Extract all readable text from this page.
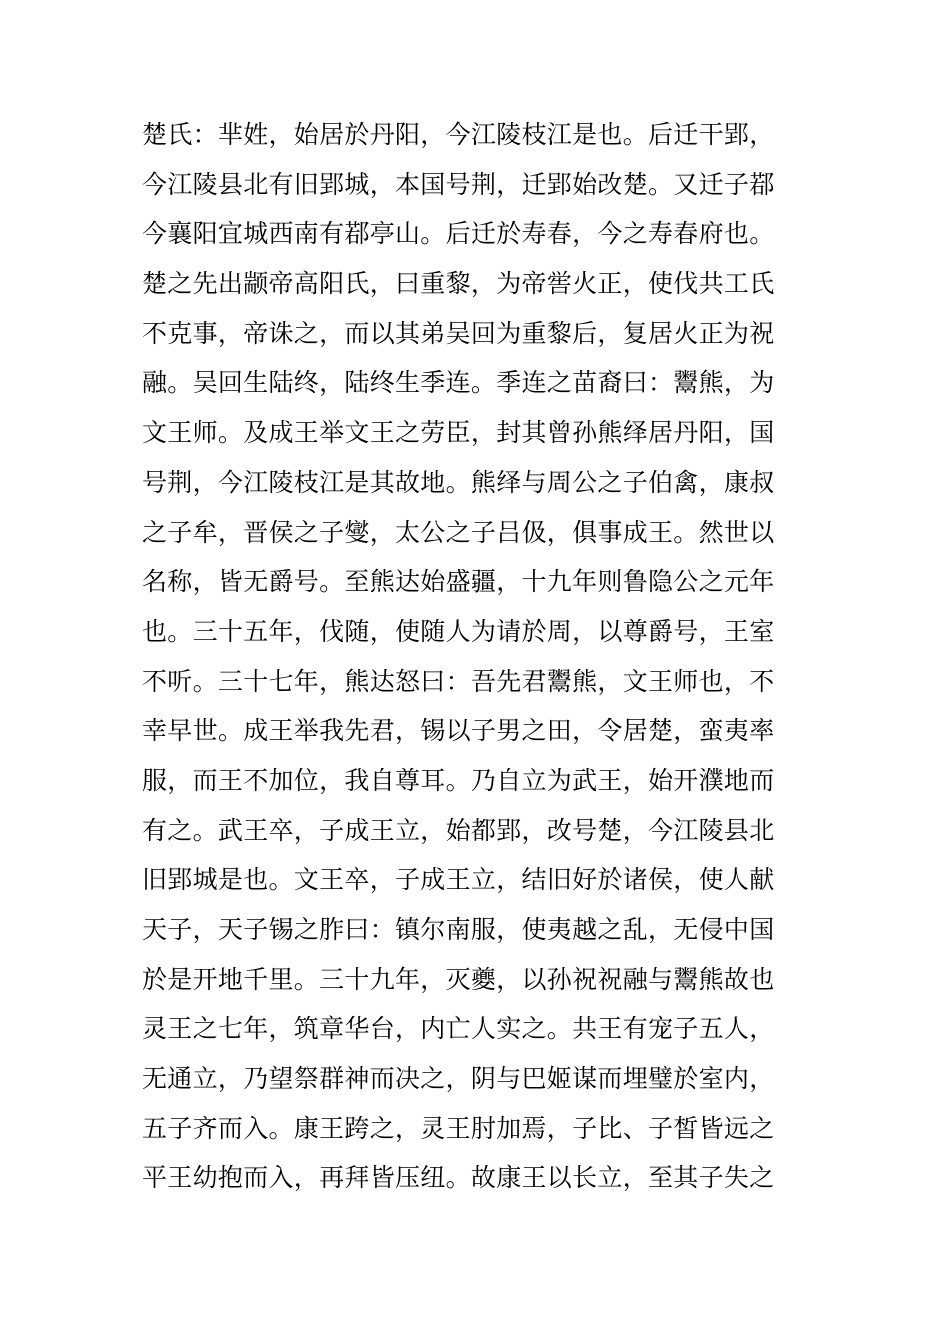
楚氏：芈姓，始居於丹阳，今江陵枝江是也。后迁干郢，
今江陵县北有旧郢城，本国号荆，迁郢始改楚。又迁子鄀
今襄阳宜城西南有鄀亭山。后迁於寿春，今之寿春府也。
楚之先出颛帝高阳氏，曰重黎，为帝喾火正，使伐共工氏
不克事，帝诛之，而以其弟吴回为重黎后，复居火正为祝
融。吴回生陆终，陆终生季连。季连之苗裔曰：鬻熊，为
文王师。及成王举文王之劳臣，封其曾孙熊绎居丹阳，国
号荆，今江陵枝江是其故地。熊绎与周公之子伯禽，康叔
之子牟，晋侯之子燮，太公之子吕伋，俱事成王。然世以
名称，皆无爵号。至熊达始盛疆，十九年则鲁隐公之元年
也。三十五年，伐随，使随人为请於周，以尊爵号，王室
不听。三十七年，熊达怒曰：吾先君鬻熊，文王师也，不
幸早世。成王举我先君，锡以子男之田，令居楚，蛮夷率
服，而王不加位，我自尊耳。乃自立为武王，始开濮地而
有之。武王卒，子成王立，始都郢，改号楚，今江陵县北
旧郢城是也。文王卒，子成王立，结旧好於诸侯，使人献
天子，天子锡之胙曰：镇尔南服，使夷越之乱，无侵中国
於是开地千里。三十九年，灭夔，以孙祝祝融与鬻熊故也
灵王之七年，筑章华台，内亡人实之。共王有宠子五人，
无通立，乃望祭群神而决之，阴与巴姬谋而埋璧於室内，
五子齐而入。康王跨之，灵王肘加焉，子比、子皙皆远之
平王幼抱而入，再拜皆压纽。故康王以长立，至其子失之
